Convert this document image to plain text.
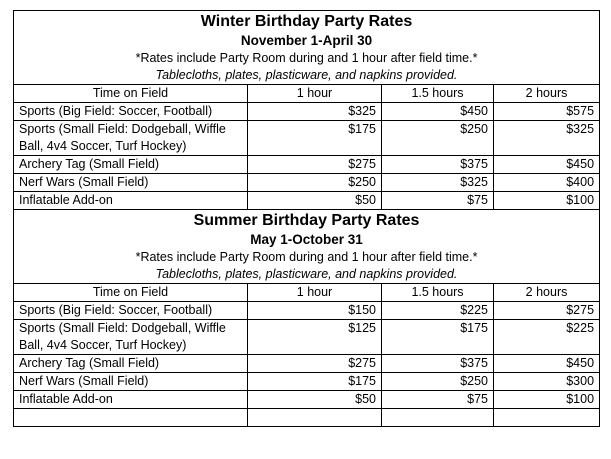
Winter Birthday Party Rates
November 1-April 30
*Rates include Party Room during and 1 hour after field time.*
Tablecloths, plates, plasticware, and napkins provided.			

Time on Field	1 hour	1.5 hours	2 hours
Sports (Big Field: Soccer, Football)	$325	$450	$575
Sports (Small Field: Dodgeball, Wiffle Ball, 4v4 Soccer, Turf Hockey)	$175	$250	$325
Archery Tag (Small Field)	$275	$375	$450
Nerf Wars (Small Field)	$250	$325	$400
Inflatable Add-on	$50	$75	$100

Summer Birthday Party Rates
May 1-October 31
*Rates include Party Room during and 1 hour after field time.*
Tablecloths, plates, plasticware, and napkins provided.			

Time on Field	1 hour	1.5 hours	2 hours
Sports (Big Field: Soccer, Football)	$150	$225	$275
Sports (Small Field: Dodgeball, Wiffle Ball, 4v4 Soccer, Turf Hockey)	$125	$175	$225
Archery Tag (Small Field)	$275	$375	$450
Nerf Wars (Small Field)	$175	$250	$300
Inflatable Add-on	$50	$75	$100
